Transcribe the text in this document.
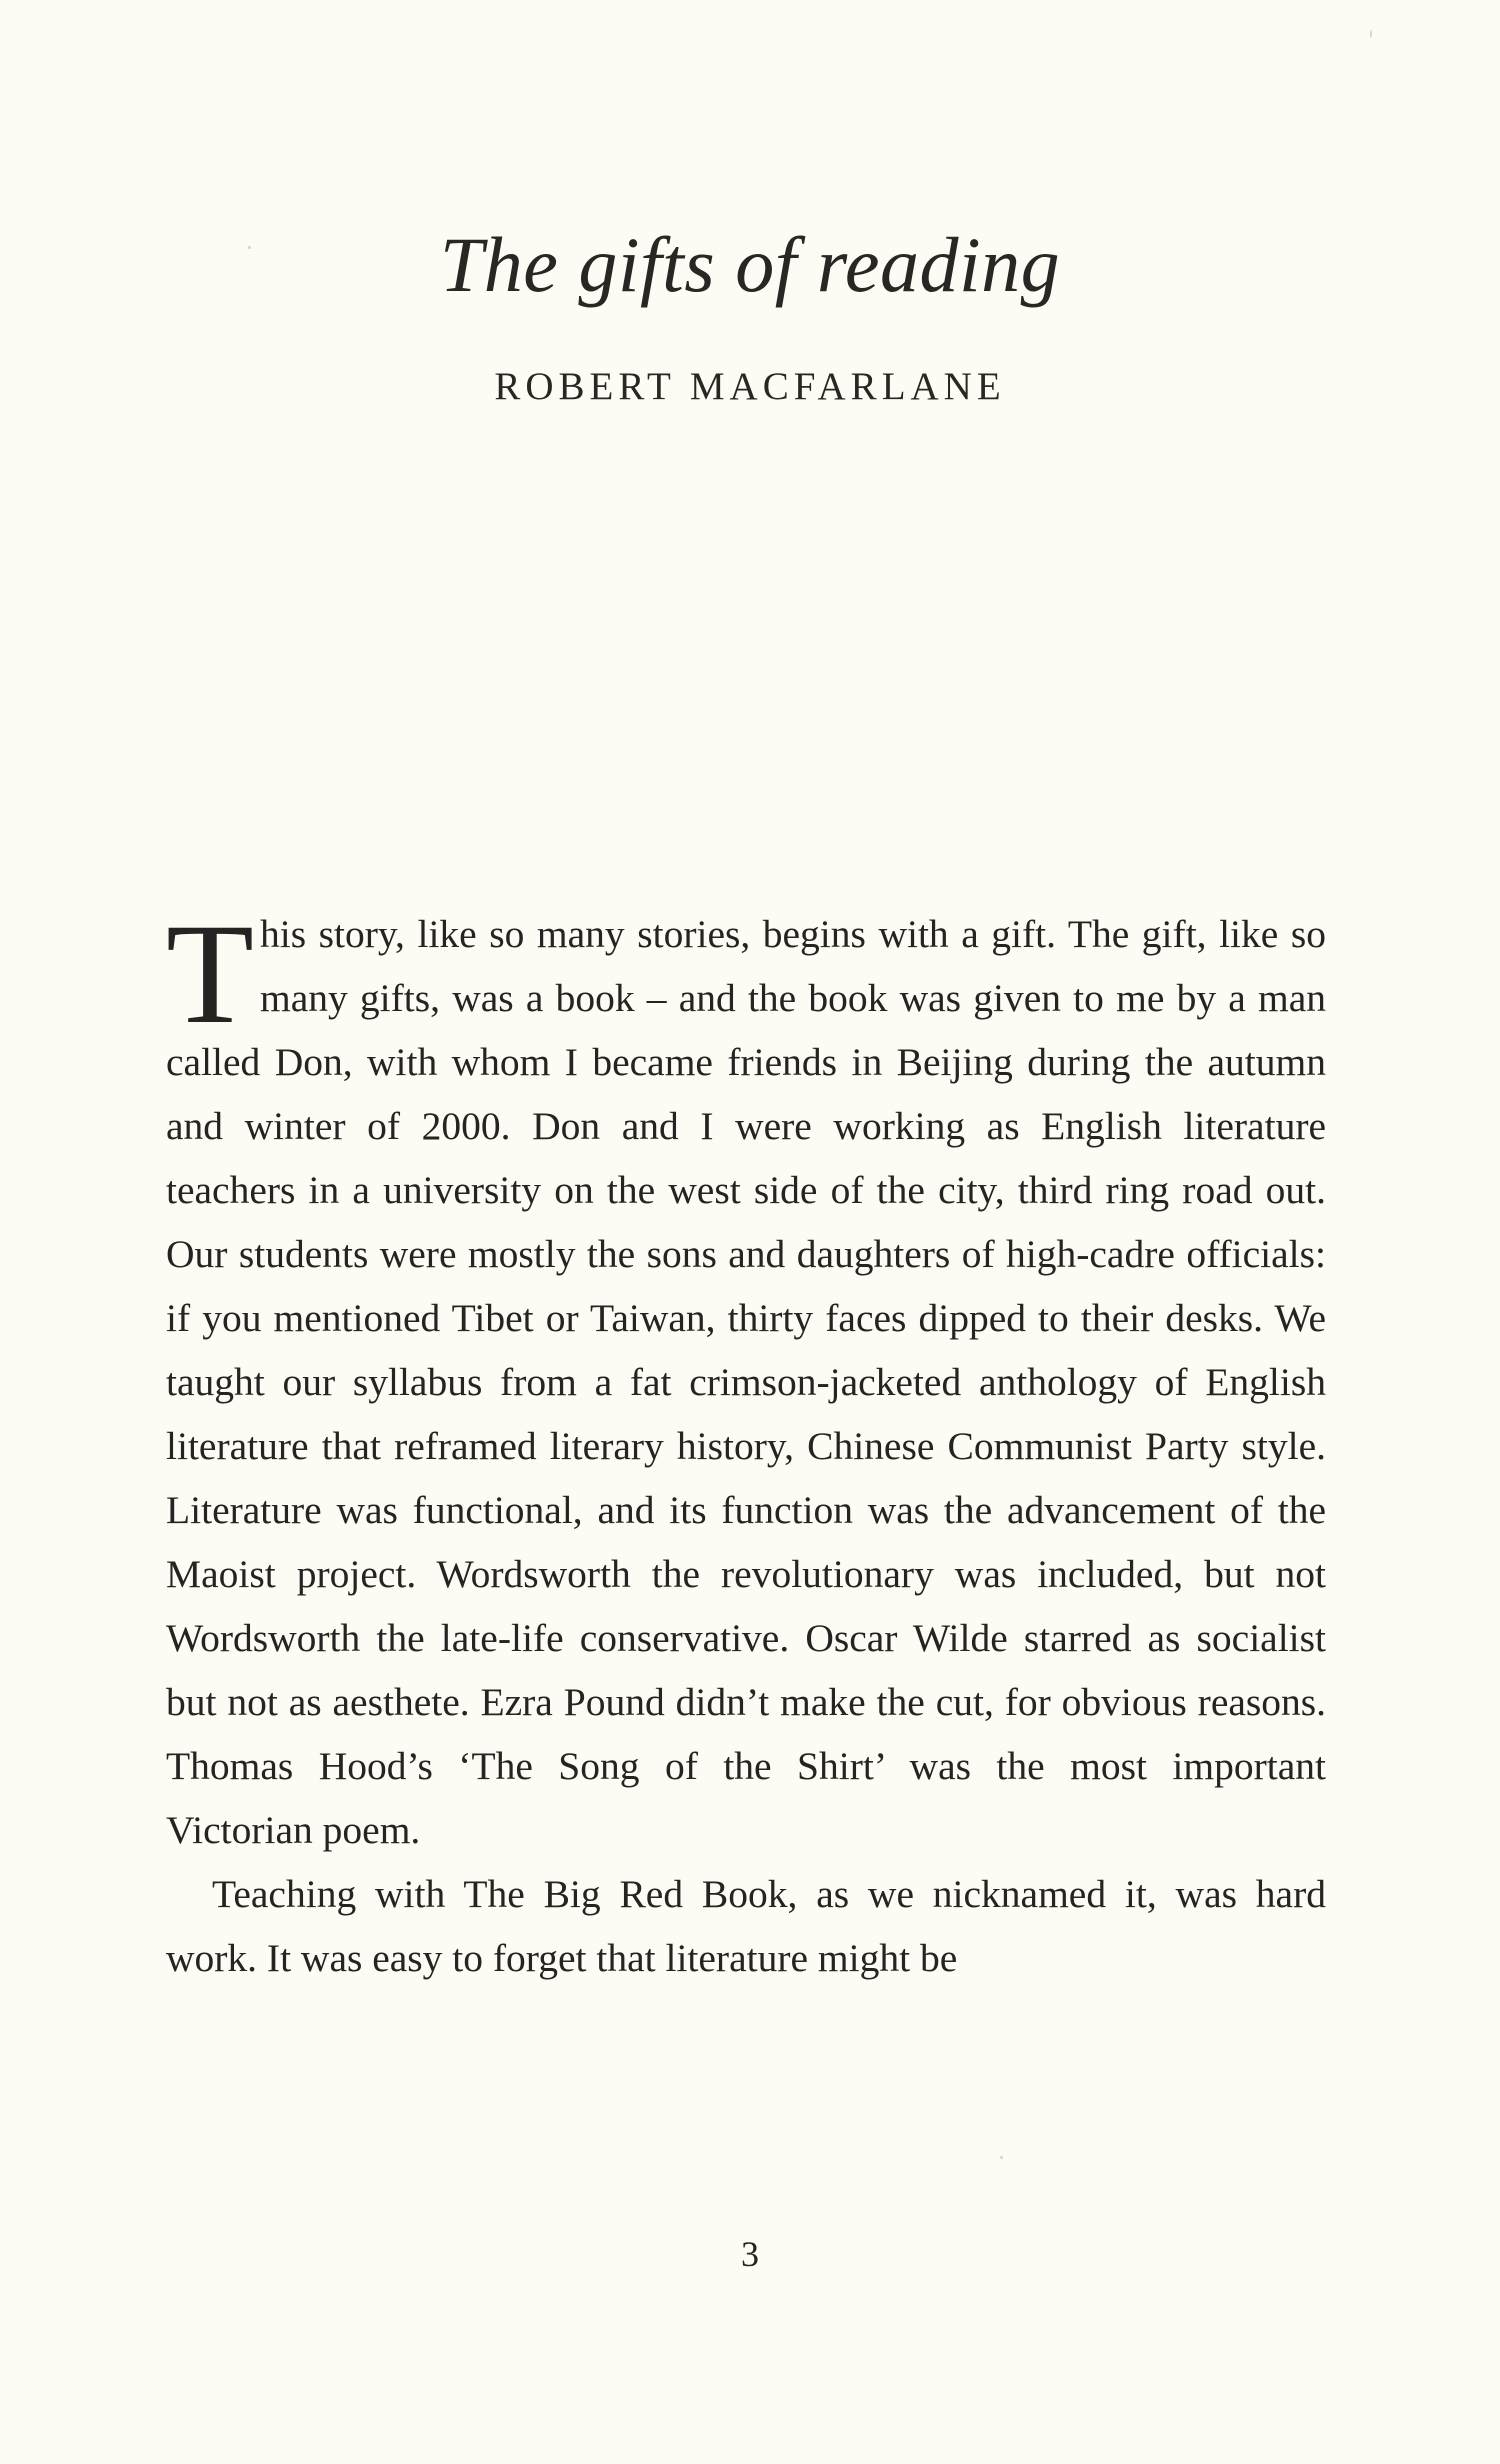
The gifts of reading
ROBERT MACFARLANE

This story, like so many stories, begins with a gift. The gift, like so many gifts, was a book – and the book was given to me by a man called Don, with whom I became friends in Beijing during the autumn and winter of 2000. Don and I were working as English literature teachers in a university on the west side of the city, third ring road out. Our students were mostly the sons and daughters of high-cadre officials: if you mentioned Tibet or Taiwan, thirty faces dipped to their desks. We taught our syllabus from a fat crimson-jacketed anthology of English literature that reframed literary history, Chinese Communist Party style. Literature was functional, and its function was the advancement of the Maoist project. Wordsworth the revolutionary was included, but not Wordsworth the late-life conservative. Oscar Wilde starred as socialist but not as aesthete. Ezra Pound didn’t make the cut, for obvious reasons. Thomas Hood’s ‘The Song of the Shirt’ was the most important Victorian poem.

Teaching with The Big Red Book, as we nicknamed it, was hard work. It was easy to forget that literature might be

3
